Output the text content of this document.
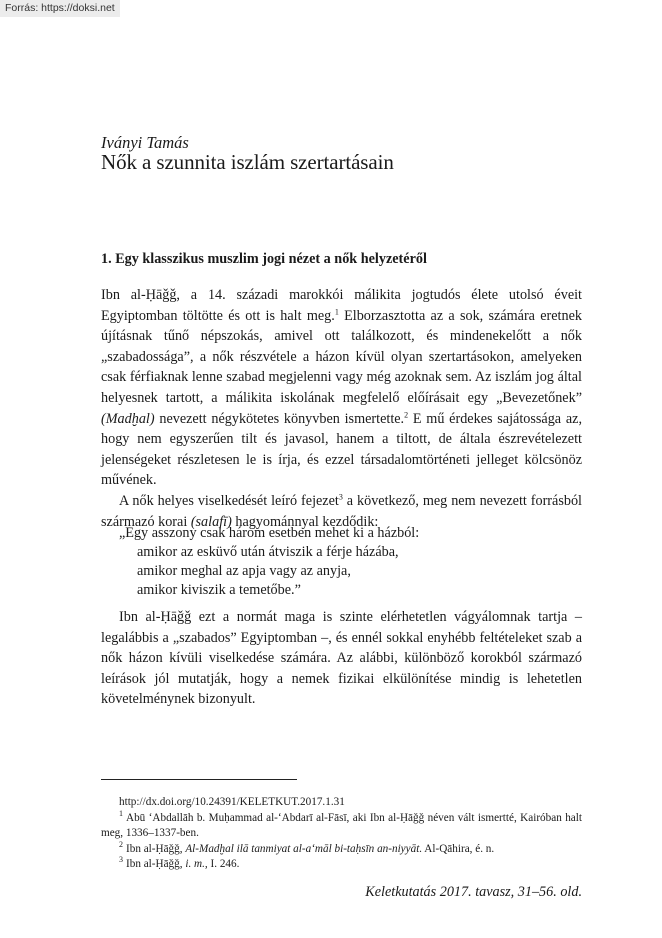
Forrás: https://doksi.net
Iványi Tamás
Nők a szunnita iszlám szertartásain
1. Egy klasszikus muszlim jogi nézet a nők helyzetéről

Ibn al-Ḥāǧǧ, a 14. századi marokkói málikita jogtudós élete utolsó éveit Egyiptomban töltötte és ott is halt meg.$^1$ Elborzasztotta az a sok, számára eretnek újításnak tűnő népszokás, amivel ott találkozott, és mindenekelőtt a nők „szabadossága”, a nők részvétele a házon kívül olyan szertartásokon, amelyeken csak férfiaknak lenne szabad megjelenni vagy még azoknak sem. Az iszlám jog által helyesnek tartott, a málikita iskolának megfelelő előírásait egy „Bevezetőnek” (Madḫal) nevezett négykötetes könyvben ismertette.$^2$ E mű érdekes sajátossága az, hogy nem egyszerűen tilt és javasol, hanem a tiltott, de általa észrevételezett jelenségeket részletesen le is írja, és ezzel társadalomtörténeti jelleget kölcsönöz művének.

A nők helyes viselkedését leíró fejezet$^3$ a következő, meg nem nevezett forrásból származó korai (salafī) hagyománnyal kezdődik:

„Egy asszony csak három esetben mehet ki a házból:
amikor az esküvő után átviszik a férje házába,
amikor meghal az apja vagy az anyja,
amikor kiviszik a temetőbe.”

Ibn al-Ḥāǧǧ ezt a normát maga is szinte elérhetetlen vágyálomnak tartja – legalábbis a „szabados” Egyiptomban –, és ennél sokkal enyhébb feltételeket szab a nők házon kívüli viselkedése számára. Az alábbi, különböző korokból származó leírások jól mutatják, hogy a nemek fizikai elkülönítése mindig is lehetetlen követelménynek bizonyult.

http://dx.doi.org/10.24391/KELETKUT.2017.1.31
$^1$ Abū ʻAbdallāh b. Muḥammad al-ʻAbdarī al-Fāsī, aki Ibn al-Ḥāǧǧ néven vált ismertté, Kairóban halt meg, 1336–1337-ben.
$^2$ Ibn al-Ḥāǧǧ, Al-Madḫal ilā tanmiyat al-aʻmāl bi-taḥsīn an-niyyāt. Al-Qāhira, é. n.
$^3$ Ibn al-Ḥāǧǧ, i. m., I. 246.
Keletkutatás 2017. tavasz, 31–56. old.
